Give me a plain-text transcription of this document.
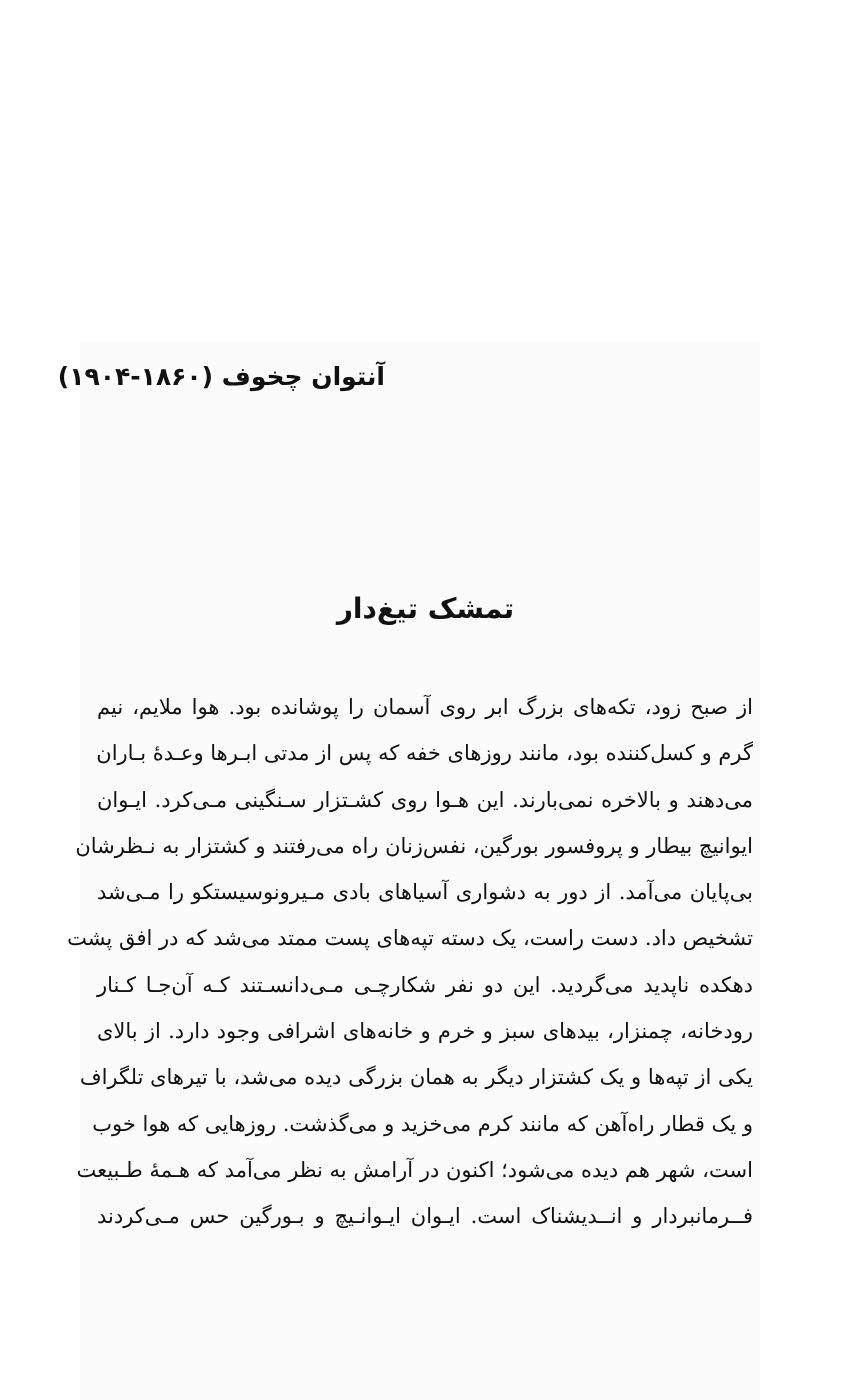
آنتوان چخوف (۱۸۶۰-۱۹۰۴)
تمشک تیغ‌دار
از صبح زود، تکه‌های بزرگ ابر روی آسمان را پوشانده بود. هوا ملایم، نیم
گرم و کسل‌کننده بود، مانند روزهای خفه که پس از مدتی ابـرها وعـدهٔ بـاران
می‌دهند و بالاخره نمی‌بارند. این هـوا روی کشـتزار سـنگینی مـی‌کرد. ایـوان
ایوانیچ بیطار و پروفسور بورگین، نفس‌زنان راه می‌رفتند و کشتزار به نـظرشان
بی‌پایان می‌آمد. از دور به دشواری آسیاهای بادی مـیرونوسیستکو را مـی‌شد
تشخیص داد. دست راست، یک دسته تپه‌های پست ممتد می‌شد که در افق پشت
دهکده ناپدید می‌گردید. این دو نفر شکارچـی مـی‌دانسـتند کـه آن‌جـا کـنار
رودخانه، چمنزار، بیدهای سبز و خرم و خانه‌های اشرافی وجود دارد. از بالای
یکی از تپه‌ها و یک کشتزار دیگر به همان بزرگی دیده می‌شد، با تیرهای تلگراف
و یک قطار راه‌آهن که مانند کرم می‌خزید و می‌گذشت. روزهایی که هوا خوب
است، شهر هم دیده می‌شود؛ اکنون در آرامش به نظر می‌آمد که هـمهٔ طـبیعت
فــرمانبردار و انــدیشناک است. ایـوان ایـوانـیچ و بـورگین حس مـی‌کردند
